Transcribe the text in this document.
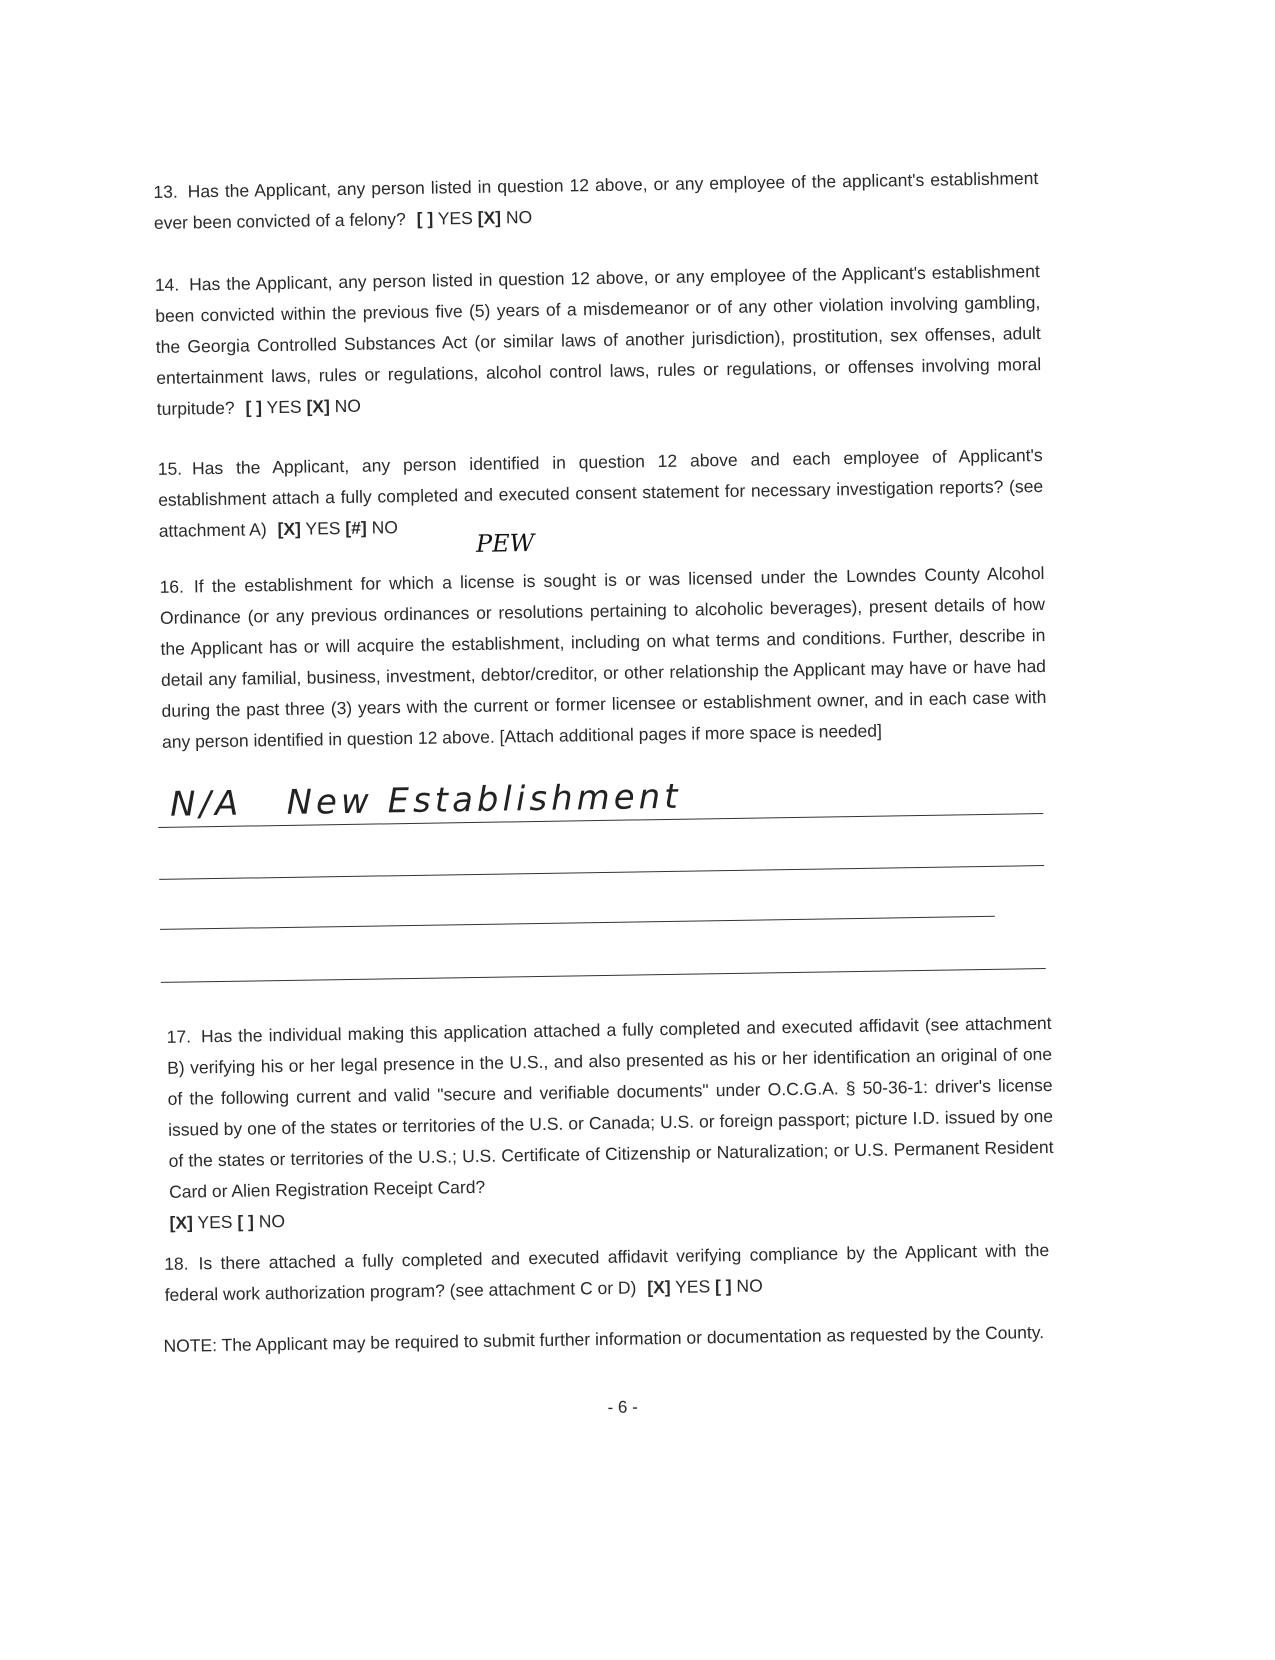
13. Has the Applicant, any person listed in question 12 above, or any employee of the applicant's establishment ever been convicted of a felony? [ ] YES [X] NO
14. Has the Applicant, any person listed in question 12 above, or any employee of the Applicant's establishment been convicted within the previous five (5) years of a misdemeanor or of any other violation involving gambling, the Georgia Controlled Substances Act (or similar laws of another jurisdiction), prostitution, sex offenses, adult entertainment laws, rules or regulations, alcohol control laws, rules or regulations, or offenses involving moral turpitude? [ ] YES [X] NO
15. Has the Applicant, any person identified in question 12 above and each employee of Applicant's establishment attach a fully completed and executed consent statement for necessary investigation reports? (see attachment A) [X] YES [#] NO
PEW
16. If the establishment for which a license is sought is or was licensed under the Lowndes County Alcohol Ordinance (or any previous ordinances or resolutions pertaining to alcoholic beverages), present details of how the Applicant has or will acquire the establishment, including on what terms and conditions. Further, describe in detail any familial, business, investment, debtor/creditor, or other relationship the Applicant may have or have had during the past three (3) years with the current or former licensee or establishment owner, and in each case with any person identified in question 12 above. [Attach additional pages if more space is needed]
N/A   New Establishment
17. Has the individual making this application attached a fully completed and executed affidavit (see attachment B) verifying his or her legal presence in the U.S., and also presented as his or her identification an original of one of the following current and valid "secure and verifiable documents" under O.C.G.A. § 50-36-1: driver's license issued by one of the states or territories of the U.S. or Canada; U.S. or foreign passport; picture I.D. issued by one of the states or territories of the U.S.; U.S. Certificate of Citizenship or Naturalization; or U.S. Permanent Resident Card or Alien Registration Receipt Card?
[X] YES [ ] NO
18. Is there attached a fully completed and executed affidavit verifying compliance by the Applicant with the federal work authorization program? (see attachment C or D) [X] YES [ ] NO
NOTE: The Applicant may be required to submit further information or documentation as requested by the County.
- 6 -
